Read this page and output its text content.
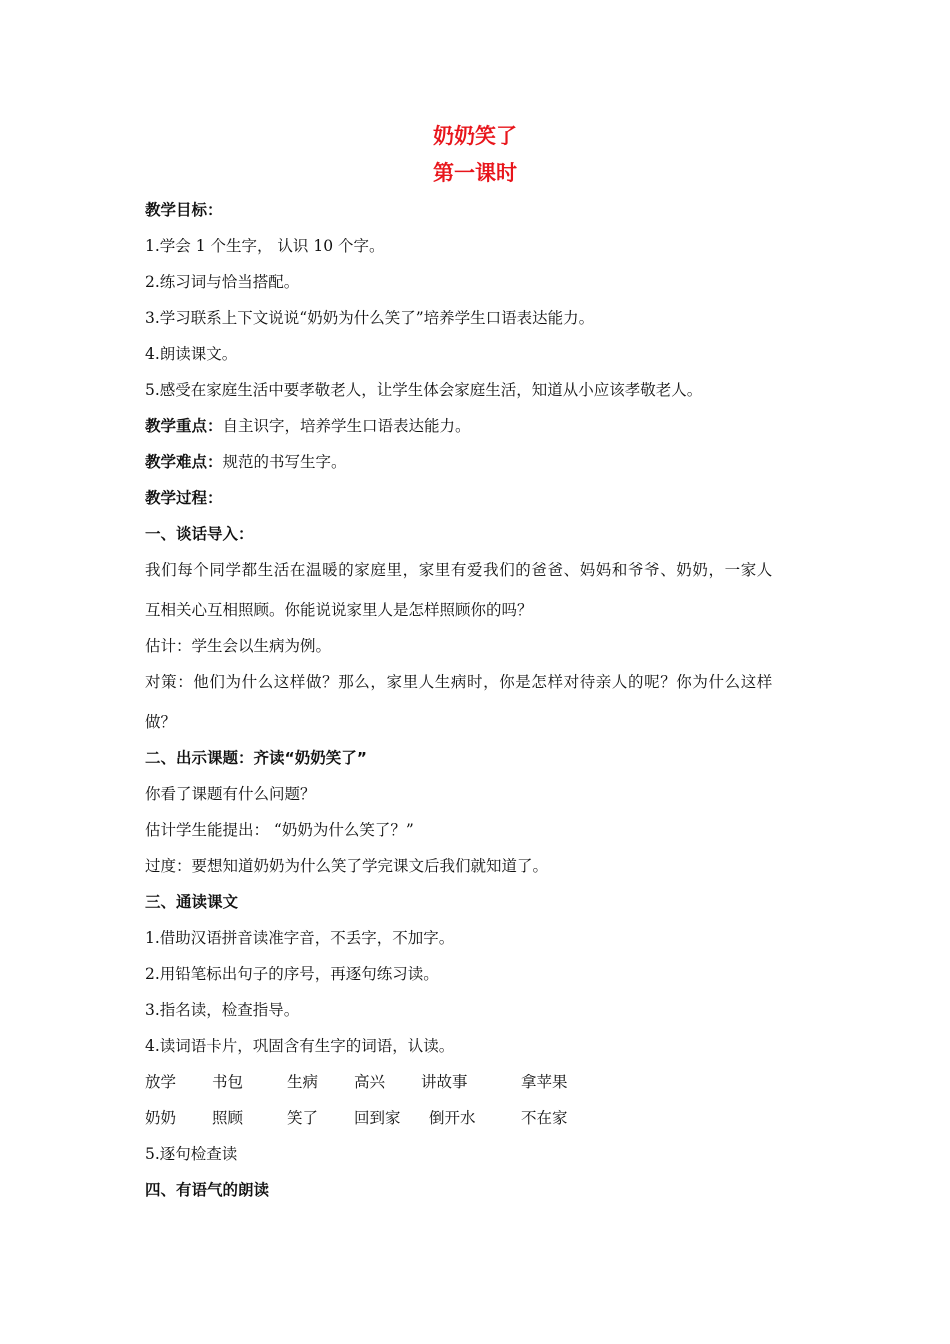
奶奶笑了
第一课时
教学目标：
1.学会 1 个生字， 认识 10 个字。
2.练习词与恰当搭配。
3.学习联系上下文说说“奶奶为什么笑了”培养学生口语表达能力。
4.朗读课文。
5.感受在家庭生活中要孝敬老人，让学生体会家庭生活，知道从小应该孝敬老人。
教学重点：自主识字，培养学生口语表达能力。
教学难点：规范的书写生字。
教学过程：
一、谈话导入：
我们每个同学都生活在温暖的家庭里，家里有爱我们的爸爸、妈妈和爷爷、奶奶，一家人
互相关心互相照顾。你能说说家里人是怎样照顾你的吗？
估计：学生会以生病为例。
对策：他们为什么这样做？那么，家里人生病时，你是怎样对待亲人的呢？你为什么这样
做？
二、出示课题：齐读“奶奶笑了”
你看了课题有什么问题？
估计学生能提出： “奶奶为什么笑了？”
过度：要想知道奶奶为什么笑了学完课文后我们就知道了。
三、通读课文
1.借助汉语拼音读准字音，不丢字，不加字。
2.用铅笔标出句子的序号，再逐句练习读。
3.指名读，检查指导。
4.读词语卡片，巩固含有生字的词语，认读。
放学 书包	生病 高兴 讲故事	拿苹果
奶奶 照顾	笑了 回到家 倒开水	不在家
5.逐句检查读
四、有语气的朗读
